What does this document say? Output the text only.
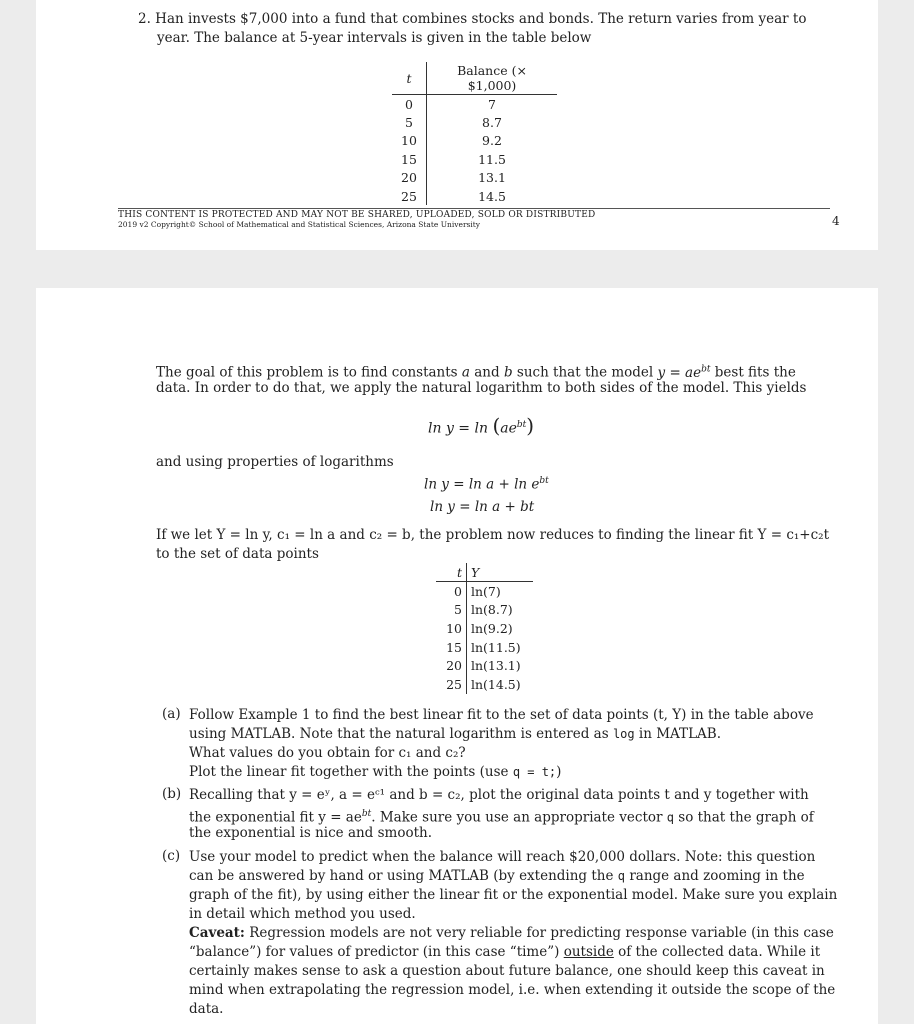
2. Han invests $7,000 into a fund that combines stocks and bonds. The return varies from year to
year. The balance at 5-year intervals is given in the table below
t	Balance (× $1,000)
0	7
5	8.7
10	9.2
15	11.5
20	13.1
25	14.5
THIS CONTENT IS PROTECTED AND MAY NOT BE SHARED, UPLOADED, SOLD OR DISTRIBUTED
2019 v2 Copyright© School of Mathematical and Statistical Sciences, Arizona State University	4
The goal of this problem is to find constants a and b such that the model $y = ae^{bt}$ best fits the
data. In order to do that, we apply the natural logarithm to both sides of the model. This yields
$\ln y = \ln (ae^{bt})$
and using properties of logarithms
$\ln y = \ln a + \ln e^{bt}$
ln y = ln a + bt
If we let Y = ln y, c₁ = ln a and c₂ = b, the problem now reduces to finding the linear fit Y = c₁+c₂t
to the set of data points
t	Y
0	ln(7)
5	ln(8.7)
10	ln(9.2)
15	ln(11.5)
20	ln(13.1)
25	ln(14.5)
(a) Follow Example 1 to find the best linear fit to the set of data points (t, Y) in the table above
using MATLAB. Note that the natural logarithm is entered as log in MATLAB.
What values do you obtain for c₁ and c₂?
Plot the linear fit together with the points (use q = t;)
(b) Recalling that y = eʸ, a = eᶜ¹ and b = c₂, plot the original data points t and y together with
the exponential fit $y = ae^{bt}$. Make sure you use an appropriate vector q so that the graph of
the exponential is nice and smooth.
(c) Use your model to predict when the balance will reach $20,000 dollars. Note: this question
can be answered by hand or using MATLAB (by extending the q range and zooming in the
graph of the fit), by using either the linear fit or the exponential model. Make sure you explain
in detail which method you used.
Caveat: Regression models are not very reliable for predicting response variable (in this case
“balance”) for values of predictor (in this case “time”) outside of the collected data. While it
certainly makes sense to ask a question about future balance, one should keep this caveat in
mind when extrapolating the regression model, i.e. when extending it outside the scope of the
data.
